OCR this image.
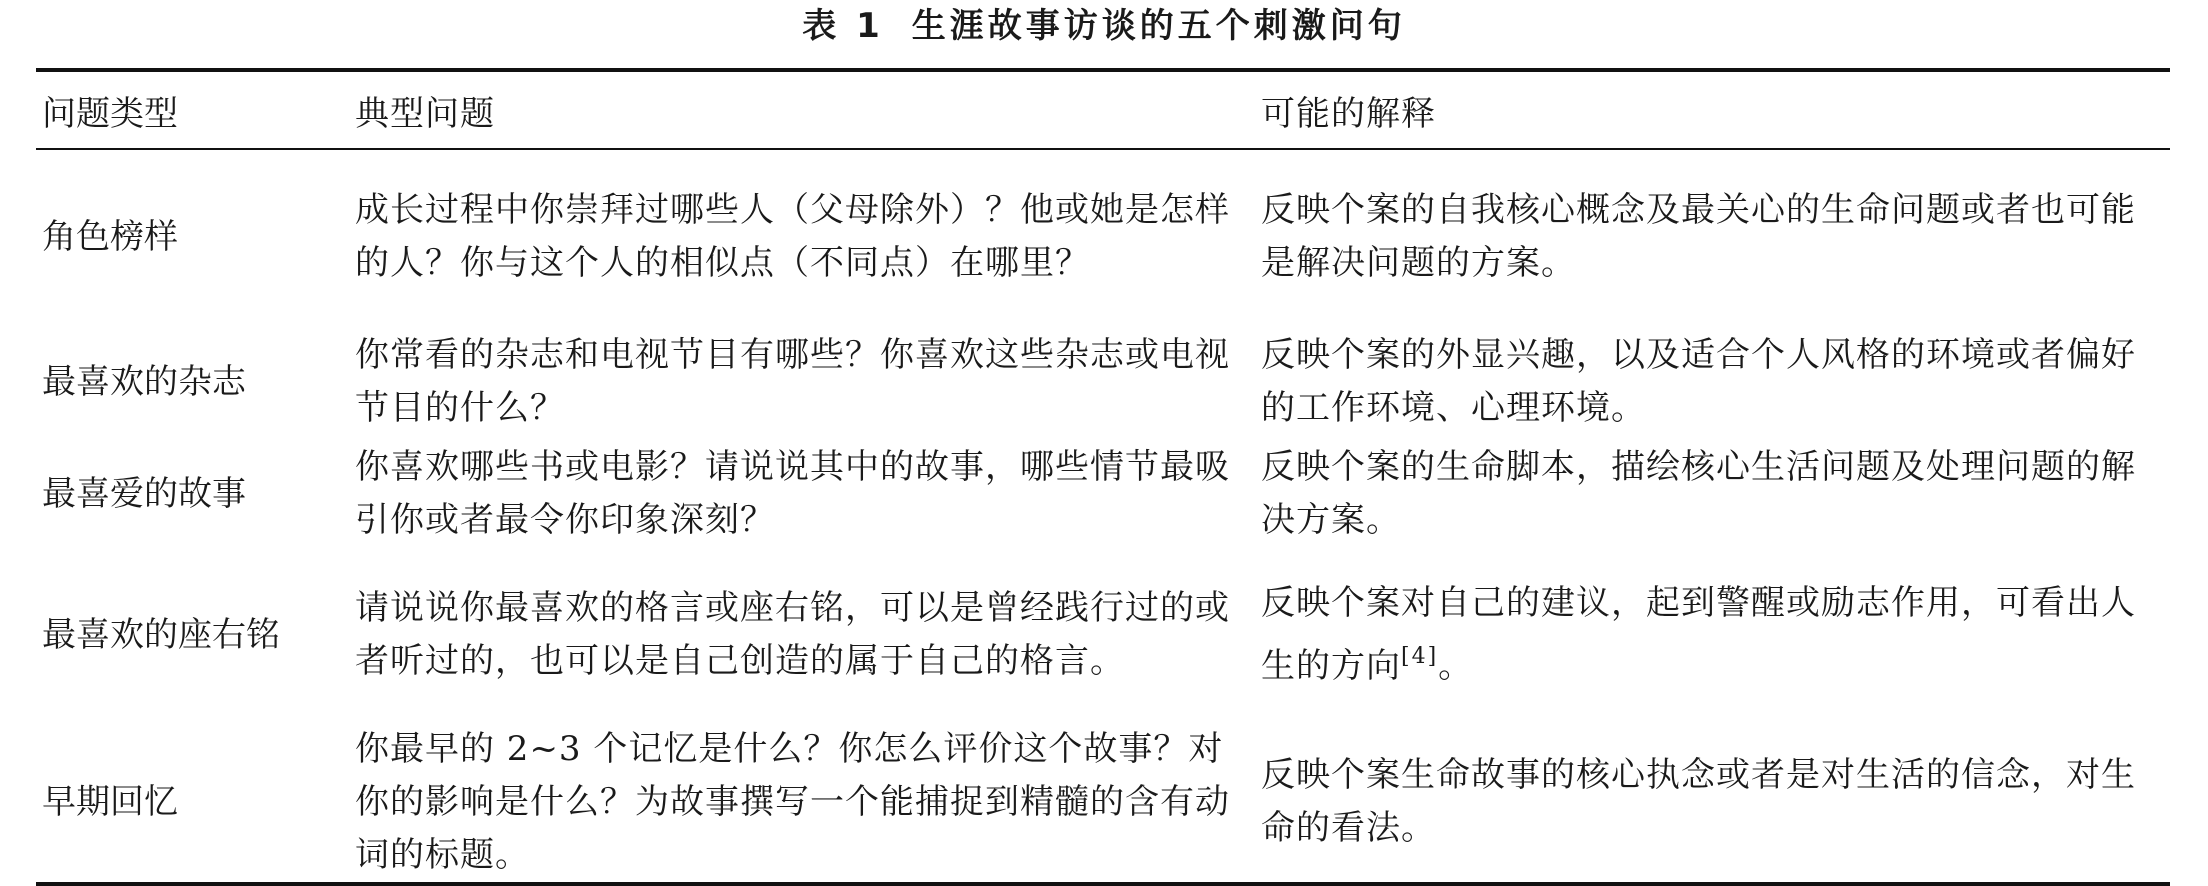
表 1 生涯故事访谈的五个刺激问句
问题类型	典型问题	可能的解释
角色榜样
成长过程中你崇拜过哪些人（父母除外）？他或她是怎样的人？你与这个人的相似点（不同点）在哪里？
反映个案的自我核心概念及最关心的生命问题或者也可能是解决问题的方案。
最喜欢的杂志
你常看的杂志和电视节目有哪些？你喜欢这些杂志或电视节目的什么？
反映个案的外显兴趣，以及适合个人风格的环境或者偏好的工作环境、心理环境。
最喜爱的故事
你喜欢哪些书或电影？请说说其中的故事，哪些情节最吸引你或者最令你印象深刻？
反映个案的生命脚本，描绘核心生活问题及处理问题的解决方案。
最喜欢的座右铭
请说说你最喜欢的格言或座右铭，可以是曾经践行过的或者听过的，也可以是自己创造的属于自己的格言。
反映个案对自己的建议，起到警醒或励志作用，可看出人生的方向[4]。
早期回忆
你最早的 2~3 个记忆是什么？你怎么评价这个故事？对你的影响是什么？为故事撰写一个能捕捉到精髓的含有动词的标题。
反映个案生命故事的核心执念或者是对生活的信念，对生命的看法。
